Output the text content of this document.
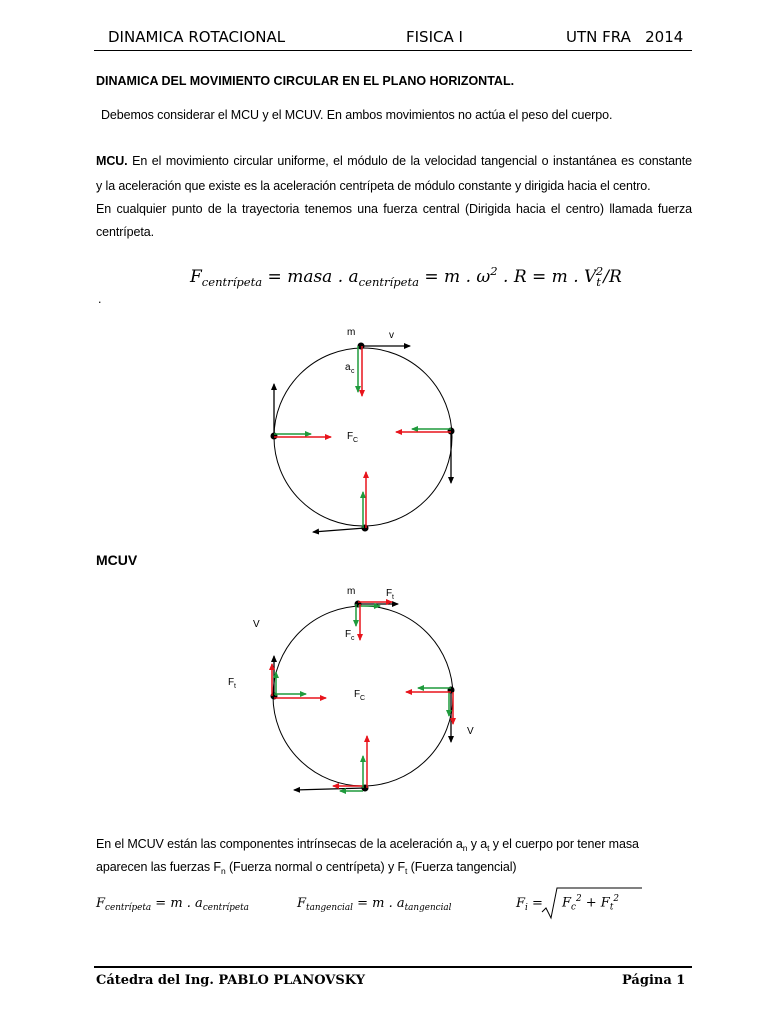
DINAMICA ROTACIONAL	FISICA I	UTN FRA   2014
DINAMICA DEL MOVIMIENTO CIRCULAR EN EL PLANO HORIZONTAL.
Debemos considerar el MCU y el MCUV. En ambos movimientos no actúa el peso del cuerpo.
MCU. En el movimiento circular uniforme, el módulo de la velocidad tangencial o instantánea es constante
y la aceleración que existe es la aceleración centrípeta de módulo constante y dirigida hacia el centro.
En cualquier punto de la trayectoria tenemos una fuerza central (Dirigida hacia el centro) llamada fuerza
centrípeta.
$F_{centrípeta}$ = masa . $a_{centrípeta} = m$ . $\omega^2$ . R = m . $V_t^2/R$
.
MCUV
m	v
a c
F C
m	F t
V
F c
F t
F C
V
En el MCUV están las componentes intrínsecas de la aceleración $a_n$ y $a_t$ y el cuerpo por tener masa
aparecen las fuerzas $F_n$ (Fuerza normal o centrípeta) y $F_t$ (Fuerza tangencial)
$F_{centrípeta} = m$ . $a_{centrípeta}$	$F_{tangencial} = m$ . $a_{tangencial}$	$F_i = F_c^2 + F_t^2$
Cátedra del Ing. PABLO PLANOVSKY	Página 1
